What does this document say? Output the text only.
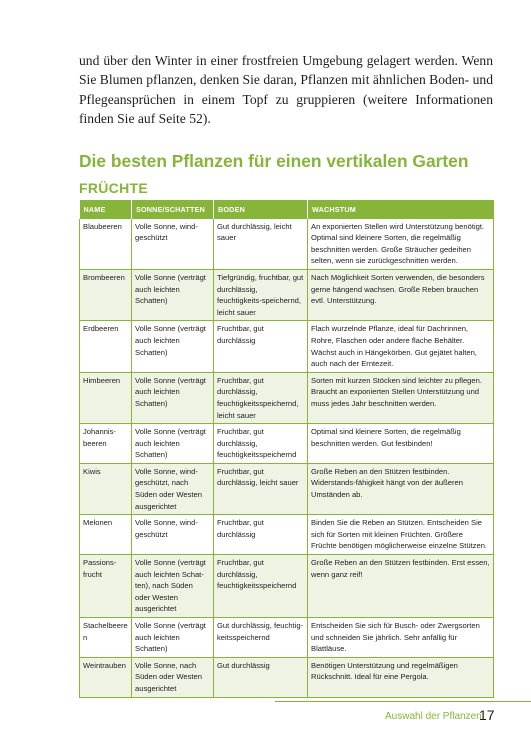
und über den Winter in einer frostfreien Umgebung gelagert werden. Wenn Sie Blumen pflanzen, denken Sie daran, Pflanzen mit ähnlichen Boden- und Pflegeansprüchen in einem Topf zu gruppieren (weitere Informationen finden Sie auf Seite 52).

Die besten Pflanzen für einen vertikalen Garten
FRÜCHTE
NAME	SONNE/SCHATTEN	BODEN	WACHSTUM
Blaubeeren	Volle Sonne, wind-geschützt	Gut durchlässig, leicht sauer	An exponierten Stellen wird Unterstützung benötigt. Optimal sind kleinere Sorten, die regelmäßig beschnitten werden. Große Sträucher gedeihen selten, wenn sie zurückgeschnitten werden.
Brombeeren	Volle Sonne (verträgt auch leichten Schatten)	Tiefgründig, fruchtbar, gut durchlässig, feuchtigkeits-speichernd, leicht sauer	Nach Möglichkeit Sorten verwenden, die besonders gerne hängend wachsen. Große Reben brauchen evtl. Unterstützung.
Erdbeeren	Volle Sonne (verträgt auch leichten Schatten)	Fruchtbar, gut durchlässig	Flach wurzelnde Pflanze, ideal für Dachrinnen, Rohre, Flaschen oder andere flache Behälter. Wächst auch in Hängekörben. Gut gejätet halten, auch nach der Erntezeit.
Himbeeren	Volle Sonne (verträgt auch leichten Schatten)	Fruchtbar, gut durchlässig, feuchtigkeitsspeichernd, leicht sauer	Sorten mit kurzen Stöcken sind leichter zu pflegen. Braucht an exponierten Stellen Unterstützung und muss jedes Jahr beschnitten werden.
Johannis-beeren	Volle Sonne (verträgt auch leichten Schatten)	Fruchtbar, gut durchlässig, feuchtigkeitsspeichernd	Optimal sind kleinere Sorten, die regelmäßig beschnitten werden. Gut festbinden!
Kiwis	Volle Sonne, wind-geschützt, nach Süden oder Westen ausgerichtet	Fruchtbar, gut durchlässig, leicht sauer	Große Reben an den Stützen festbinden. Widerstands-fähigkeit hängt von der äußeren Umständen ab.
Melonen	Volle Sonne, wind-geschützt	Fruchtbar, gut durchlässig	Binden Sie die Reben an Stützen. Entscheiden Sie sich für Sorten mit kleinen Früchten. Größere Früchte benötigen möglicherweise einzelne Stützen.
Passions-frucht	Volle Sonne (verträgt auch leichten Schat-ten), nach Süden oder Westen ausgerichtet	Fruchtbar, gut durchlässig, feuchtigkeitsspeichernd	Große Reben an den Stützen festbinden. Erst essen, wenn ganz reif!
Stachelbeeren	Volle Sonne (verträgt auch leichten Schatten)	Gut durchlässig, feuchtig-keitsspeichernd	Entscheiden Sie sich für Busch- oder Zwergsorten und schneiden Sie jährlich. Sehr anfällig für Blattläuse.
Weintrauben	Volle Sonne, nach Süden oder Westen ausgerichtet	Gut durchlässig	Benötigen Unterstützung und regelmäßigen Rückschnitt. Ideal für eine Pergola.
Auswahl der Pflanzen
17
